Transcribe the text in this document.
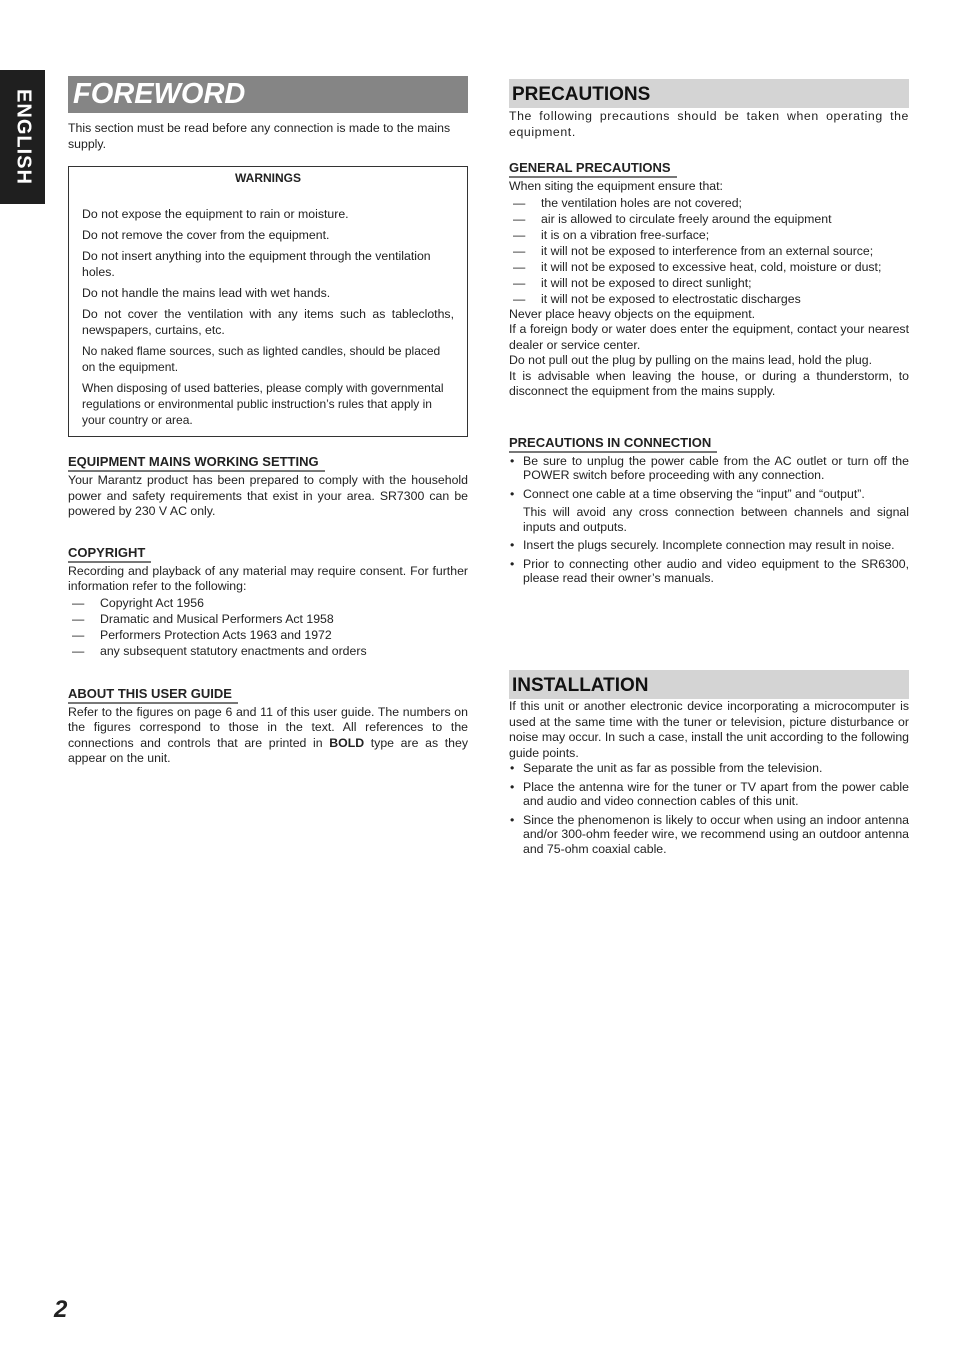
ENGLISH FOREWORD

This section must be read before any connection is made to the mains supply.

WARNINGS

Do not expose the equipment to rain or moisture.

Do not remove the cover from the equipment.

Do not insert anything into the equipment through the ventilation holes.

Do not handle the mains lead with wet hands.

Do not cover the ventilation with any items such as tablecloths, newspapers, curtains, etc.

No naked flame sources, such as lighted candles, should be placed on the equipment.

When disposing of used batteries, please comply with governmental regulations or environmental public instruction’s rules that apply in your country or area.

EQUIPMENT MAINS WORKING SETTING

Your Marantz product has been prepared to comply with the household power and safety requirements that exist in your area. SR7300 can be powered by 230 V AC only.

COPYRIGHT

Recording and playback of any material may require consent. For further information refer to the following:

— Copyright Act 1956
— Dramatic and Musical Performers Act 1958
— Performers Protection Acts 1963 and 1972
— any subsequent statutory enactments and orders
ABOUT THIS USER GUIDE

Refer to the figures on page 6 and 11 of this user guide. The numbers on the figures correspond to those in the text. All references to the connections and controls that are printed in BOLD type are as they appear on the unit.

PRECAUTIONS

The following precautions should be taken when operating the equipment.

GENERAL PRECAUTIONS

When siting the equipment ensure that:

— the ventilation holes are not covered;
— air is allowed to circulate freely around the equipment
— it is on a vibration free-surface;
— it will not be exposed to interference from an external source;
— it will not be exposed to excessive heat, cold, moisture or dust;
— it will not be exposed to direct sunlight;
— it will not be exposed to electrostatic discharges

Never place heavy objects on the equipment.

If a foreign body or water does enter the equipment, contact your nearest dealer or service center.

Do not pull out the plug by pulling on the mains lead, hold the plug.

It is advisable when leaving the house, or during a thunderstorm, to disconnect the equipment from the mains supply.

PRECAUTIONS IN CONNECTION
• Be sure to unplug the power cable from the AC outlet or turn off the POWER switch before proceeding with any connection.
• Connect one cable at a time observing the “input” and “output”.
This will avoid any cross connection between channels and signal inputs and outputs.
• Insert the plugs securely. Incomplete connection may result in noise.
• Prior to connecting other audio and video equipment to the SR6300, please read their owner’s manuals.
INSTALLATION

If this unit or another electronic device incorporating a microcomputer is used at the same time with the tuner or television, picture disturbance or noise may occur. In such a case, install the unit according to the following guide points.

• Separate the unit as far as possible from the television.
• Place the antenna wire for the tuner or TV apart from the power cable and audio and video connection cables of this unit.
• Since the phenomenon is likely to occur when using an indoor antenna and/or 300-ohm feeder wire, we recommend using an outdoor antenna and 75-ohm coaxial cable.
2
